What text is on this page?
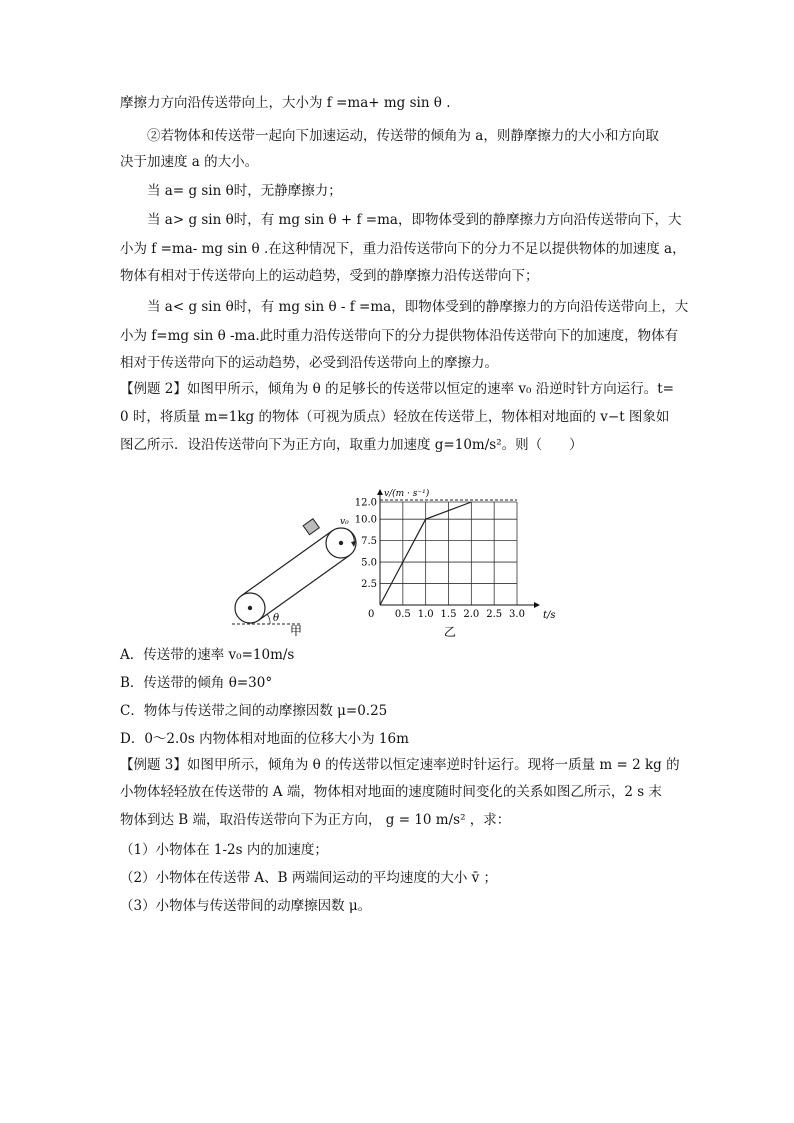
摩擦力方向沿传送带向上，大小为 f =ma+ mg sin θ .
②若物体和传送带一起向下加速运动，传送带的倾角为 a，则静摩擦力的大小和方向取
决于加速度 a 的大小。
当 a= g sin θ时，无静摩擦力；
当 a> g sin θ时，有 mg sin θ + f =ma，即物体受到的静摩擦力方向沿传送带向下，大
小为 f =ma- mg sin θ .在这种情况下，重力沿传送带向下的分力不足以提供物体的加速度 a，
物体有相对于传送带向上的运动趋势，受到的静摩擦力沿传送带向下；
当 a< g sin θ时，有 mg sin θ - f =ma，即物体受到的静摩擦力的方向沿传送带向上，大
小为 f=mg sin θ -ma.此时重力沿传送带向下的分力提供物体沿传送带向下的加速度，物体有
相对于传送带向下的运动趋势，必受到沿传送带向上的摩擦力。
【例题 2】如图甲所示，倾角为 θ 的足够长的传送带以恒定的速率 v₀ 沿逆时针方向运行。t=
0 时，将质量 m=1kg 的物体（可视为质点）轻放在传送带上，物体相对地面的 v−t 图象如
图乙所示．设沿传送带向下为正方向，取重力加速度 g=10m/s²。则（　　）
v₀
θ
甲
0.5 1.0 1.5 2.0 2.5 3.0
2.5
5.0
7.5
10.0
12.0
v/(m · s⁻¹)
t/s
0
乙
A．传送带的速率 v₀=10m/s
B．传送带的倾角 θ=30°
C．物体与传送带之间的动摩擦因数 μ=0.25
D．0～2.0s 内物体相对地面的位移大小为 16m
【例题 3】如图甲所示，倾角为 θ 的传送带以恒定速率逆时针运行。现将一质量 m = 2 kg 的
小物体轻轻放在传送带的 A 端，物体相对地面的速度随时间变化的关系如图乙所示，2 s 末
物体到达 B 端，取沿传送带向下为正方向， g = 10 m/s² ，求：
（1）小物体在 1-2s 内的加速度；
（2）小物体在传送带 A、B 两端间运动的平均速度的大小 v̄ ；
（3）小物体与传送带间的动摩擦因数 μ。
